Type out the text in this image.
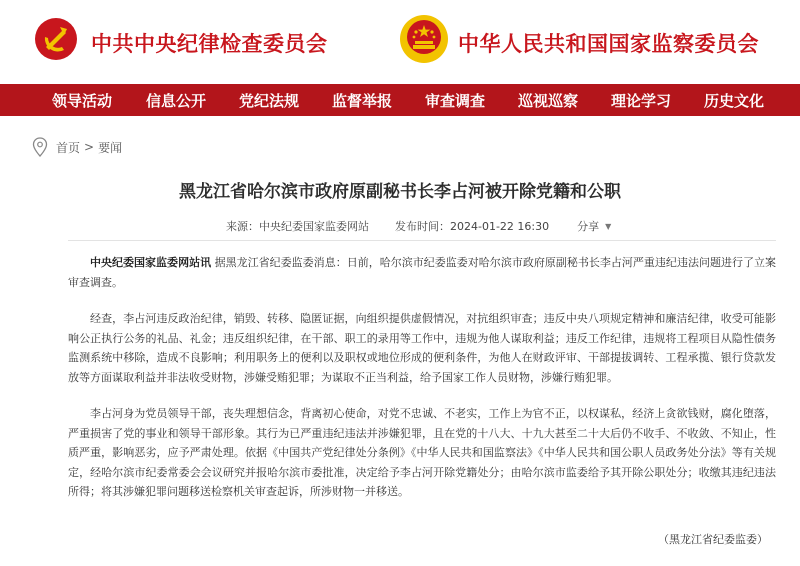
中共中央纪律检查委员会	中华人民共和国国家监察委员会
领导活动 信息公开 党纪法规 监督举报 审查调查 巡视巡察 理论学习 历史文化
首页 > 要闻
黑龙江省哈尔滨市政府原副秘书长李占河被开除党籍和公职
来源：中央纪委国家监委网站 发布时间：2024-01-22 16:30	分享 ▼

中央纪委国家监委网站讯 据黑龙江省纪委监委消息：日前，哈尔滨市纪委监委对哈尔滨市政府原副秘书长李占河严重违纪违法问题进行了立案审查调查。

经查，李占河违反政治纪律，销毁、转移、隐匿证据，向组织提供虚假情况，对抗组织审查；违反中央八项规定精神和廉洁纪律，收受可能影响公正执行公务的礼品、礼金；违反组织纪律，在干部、职工的录用等工作中，违规为他人谋取利益；违反工作纪律，违规将工程项目从隐性债务监测系统中移除，造成不良影响；利用职务上的便利以及职权或地位形成的便利条件，为他人在财政评审、干部提拔调转、工程承揽、银行贷款发放等方面谋取利益并非法收受财物，涉嫌受贿犯罪；为谋取不正当利益，给予国家工作人员财物，涉嫌行贿犯罪。

李占河身为党员领导干部，丧失理想信念，背离初心使命，对党不忠诚、不老实，工作上为官不正，以权谋私，经济上贪欲钱财，腐化堕落，严重损害了党的事业和领导干部形象。其行为已严重违纪违法并涉嫌犯罪，且在党的十八大、十九大甚至二十大后仍不收手、不收敛、不知止，性质严重，影响恶劣，应予严肃处理。依据《中国共产党纪律处分条例》《中华人民共和国监察法》《中华人民共和国公职人员政务处分法》等有关规定，经哈尔滨市纪委常委会会议研究并报哈尔滨市委批准，决定给予李占河开除党籍处分；由哈尔滨市监委给予其开除公职处分；收缴其违纪违法所得；将其涉嫌犯罪问题移送检察机关审查起诉，所涉财物一并移送。

（黑龙江省纪委监委）
